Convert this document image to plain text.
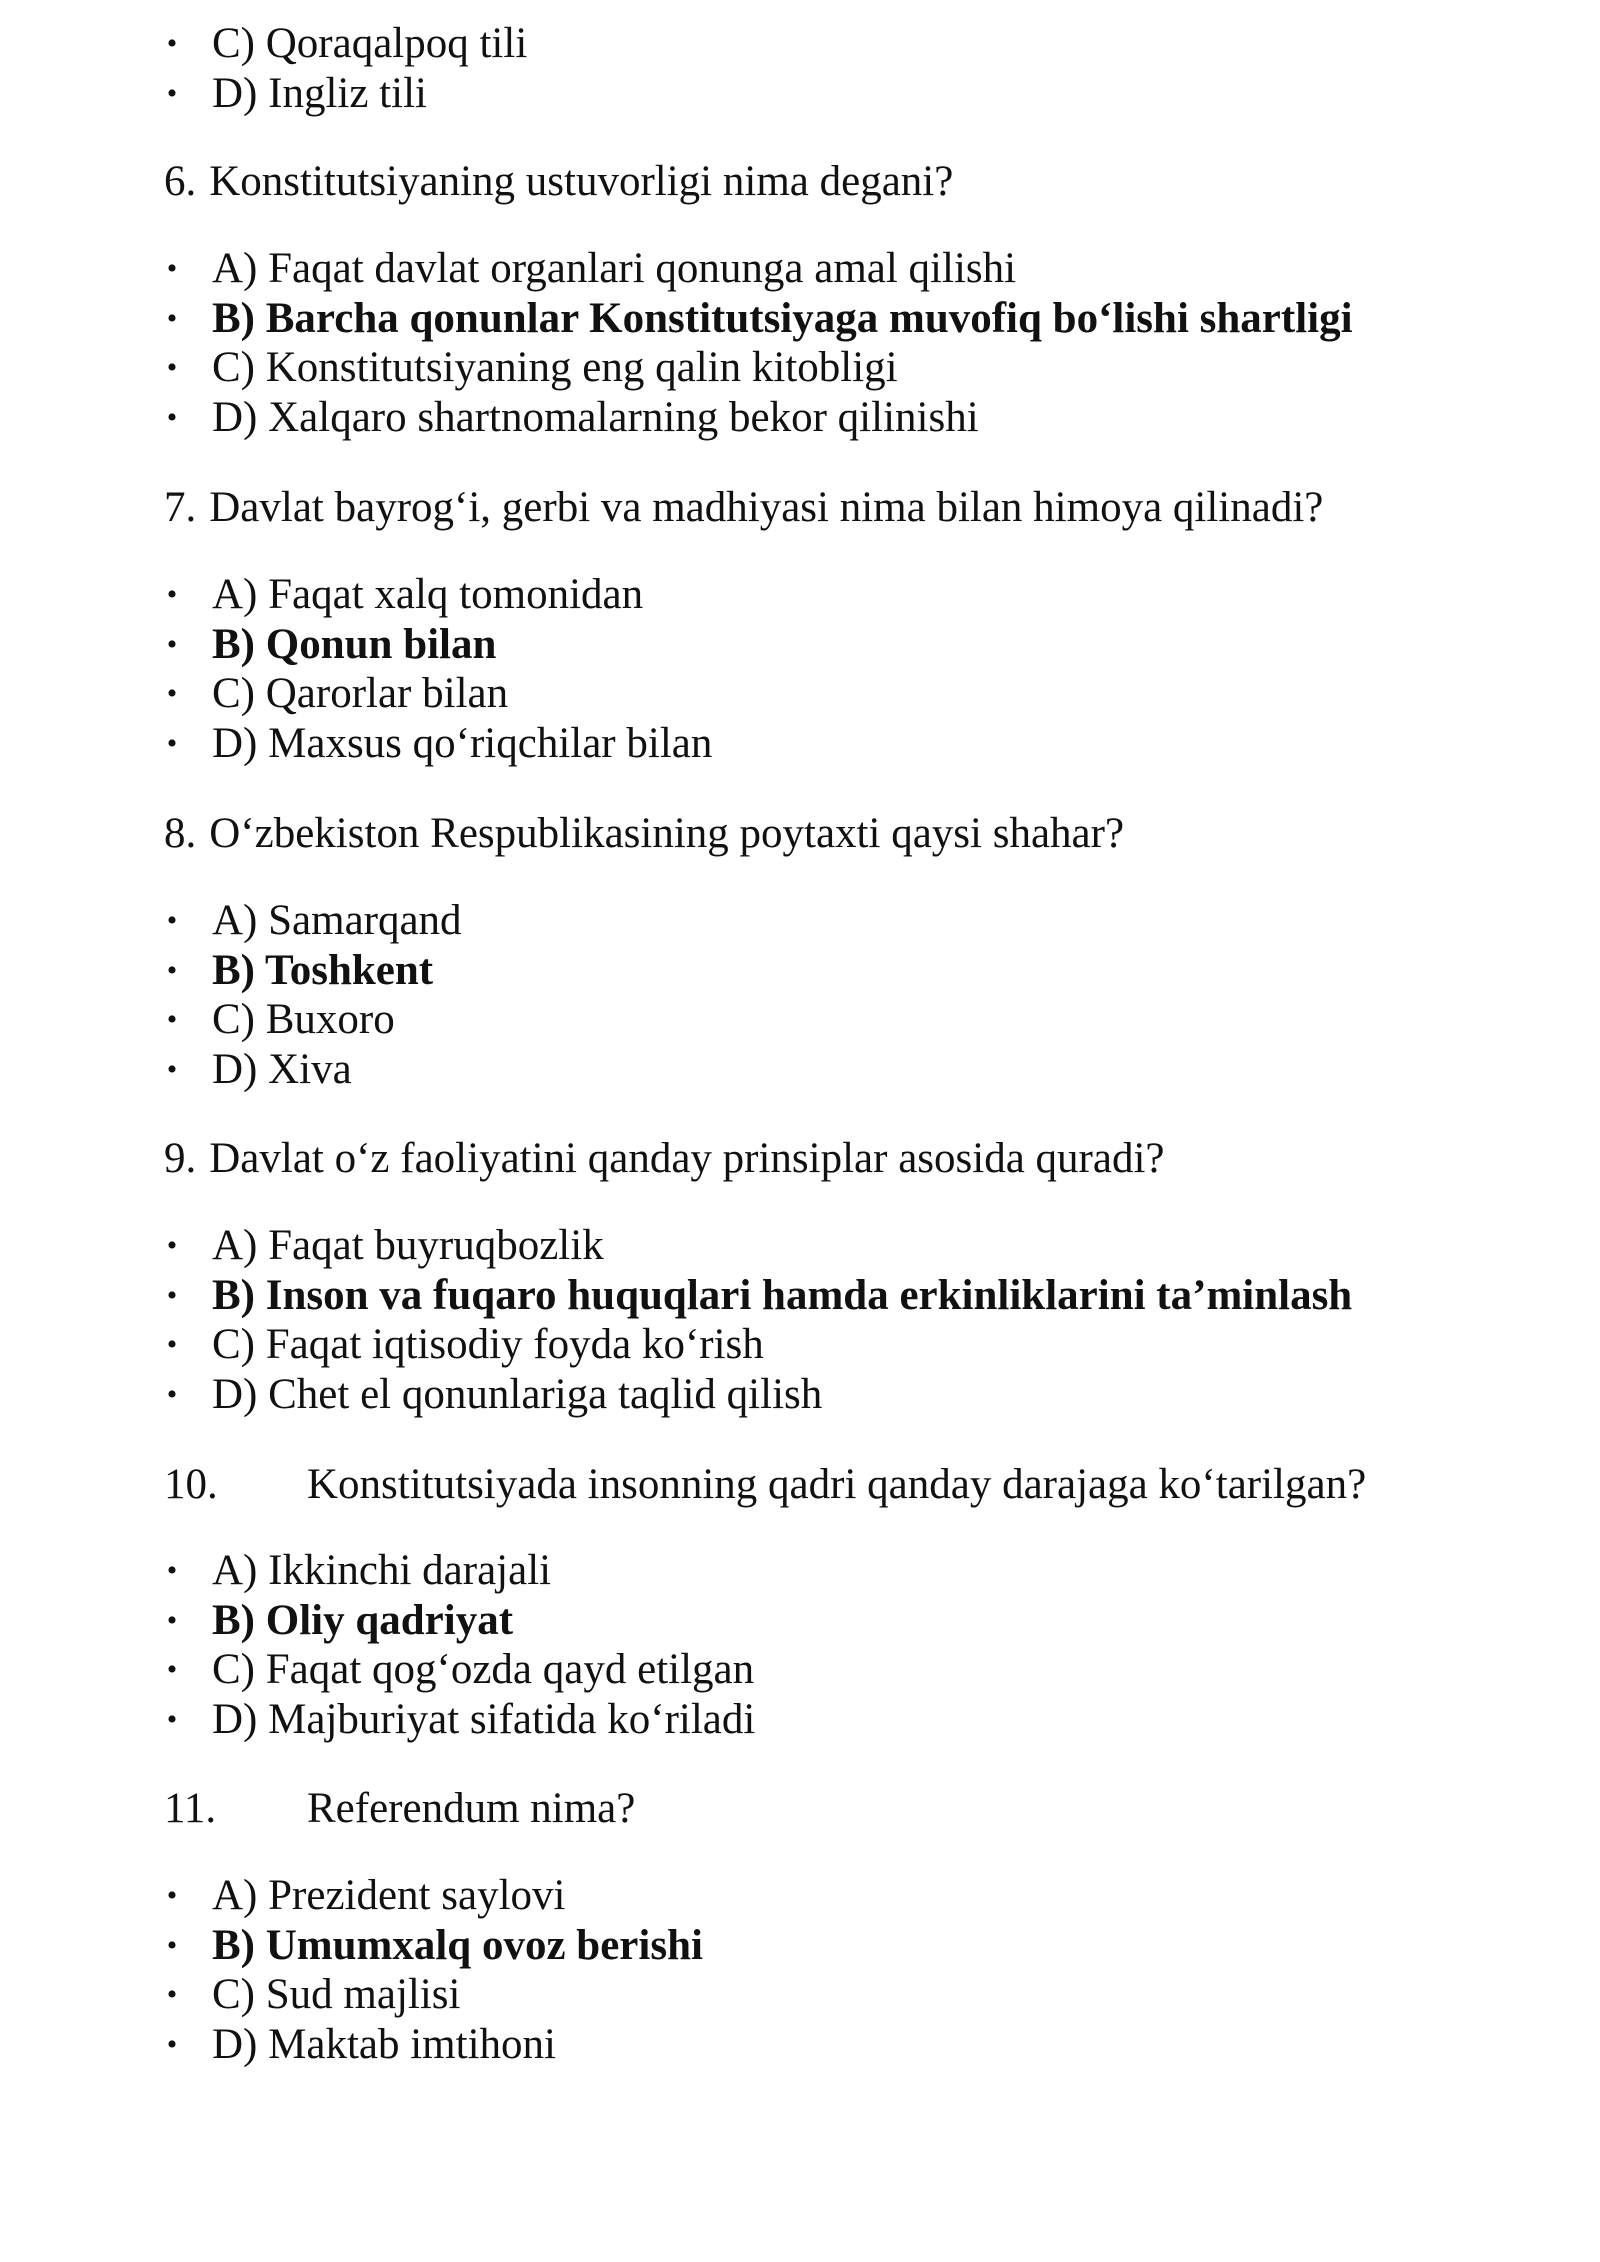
• C) Qoraqalpoq tili
• D) Ingliz tili
6. Konstitutsiyaning ustuvorligi nima degani?
• A) Faqat davlat organlari qonunga amal qilishi
• B) Barcha qonunlar Konstitutsiyaga muvofiq bo‘lishi shartligi
• C) Konstitutsiyaning eng qalin kitobligi
• D) Xalqaro shartnomalarning bekor qilinishi
7. Davlat bayrog‘i, gerbi va madhiyasi nima bilan himoya qilinadi?
• A) Faqat xalq tomonidan
• B) Qonun bilan
• C) Qarorlar bilan
• D) Maxsus qo‘riqchilar bilan
8. O‘zbekiston Respublikasining poytaxti qaysi shahar?
• A) Samarqand
• B) Toshkent
• C) Buxoro
• D) Xiva
9. Davlat o‘z faoliyatini qanday prinsiplar asosida quradi?
• A) Faqat buyruqbozlik
• B) Inson va fuqaro huquqlari hamda erkinliklarini ta’minlash
• C) Faqat iqtisodiy foyda ko‘rish
• D) Chet el qonunlariga taqlid qilish
10. Konstitutsiyada insonning qadri qanday darajaga ko‘tarilgan?
• A) Ikkinchi darajali
• B) Oliy qadriyat
• C) Faqat qog‘ozda qayd etilgan
• D) Majburiyat sifatida ko‘riladi
11. Referendum nima?
• A) Prezident saylovi
• B) Umumxalq ovoz berishi
• C) Sud majlisi
• D) Maktab imtihoni
